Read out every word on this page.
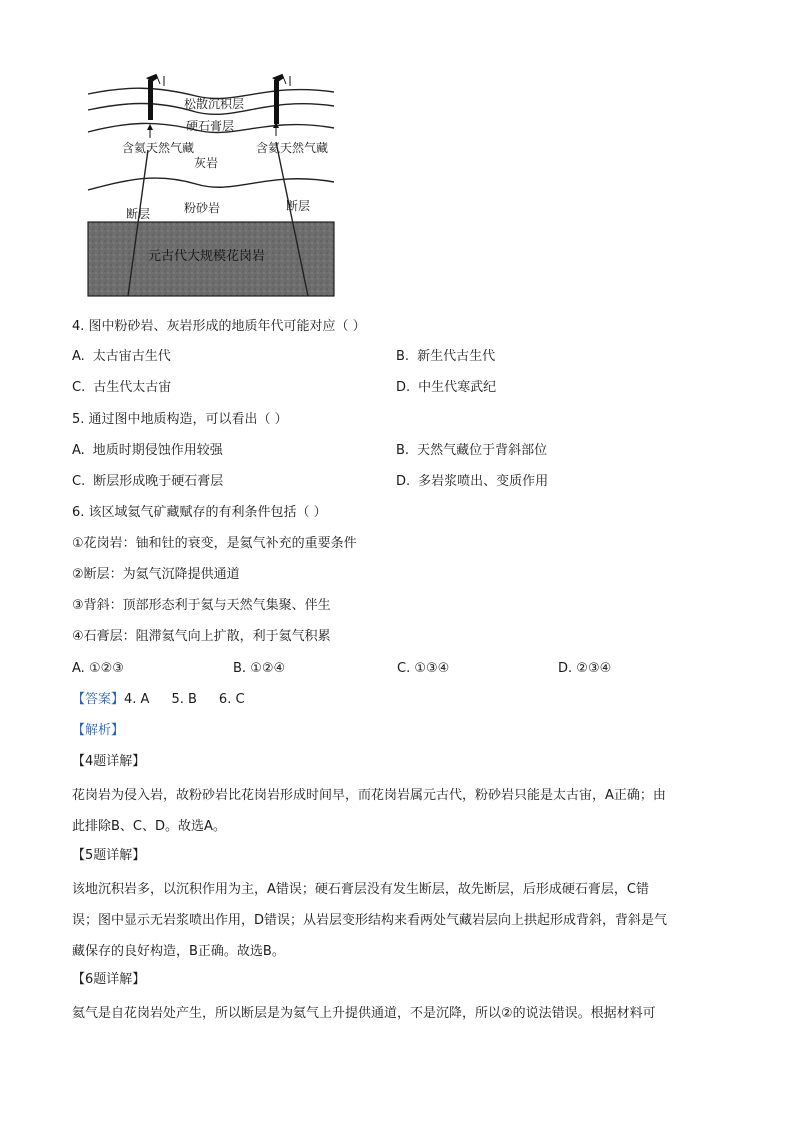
松散沉积层
硬石膏层
含氦天然气藏	含氦天然气藏
灰岩
粉砂岩
断层
断层
元古代大规模花岗岩
4. 图中粉砂岩、灰岩形成的地质年代可能对应（ ）
A. 太古宙古生代	B. 新生代古生代
C. 古生代太古宙	D. 中生代寒武纪
5. 通过图中地质构造，可以看出（ ）
A. 地质时期侵蚀作用较强	B. 天然气藏位于背斜部位
C. 断层形成晚于硬石膏层	D. 多岩浆喷出、变质作用
6. 该区域氦气矿藏赋存的有利条件包括（ ）
①花岗岩：铀和钍的衰变，是氦气补充的重要条件
②断层：为氦气沉降提供通道
③背斜：顶部形态利于氦与天然气集聚、伴生
④石膏层：阻滞氦气向上扩散，利于氦气积累
A. ①②③	B. ①②④	C. ①③④	D. ②③④
【答案】4. A 5. B 6. C
【解析】
【4题详解】
花岗岩为侵入岩，故粉砂岩比花岗岩形成时间早，而花岗岩属元古代，粉砂岩只能是太古宙，A正确；由
此排除B、C、D。故选A。
【5题详解】
该地沉积岩多，以沉积作用为主，A错误；硬石膏层没有发生断层，故先断层，后形成硬石膏层，C错
误；图中显示无岩浆喷出作用，D错误；从岩层变形结构来看两处气藏岩层向上拱起形成背斜，背斜是气
藏保存的良好构造，B正确。故选B。
【6题详解】
氦气是自花岗岩处产生，所以断层是为氦气上升提供通道，不是沉降，所以②的说法错误。根据材料可
